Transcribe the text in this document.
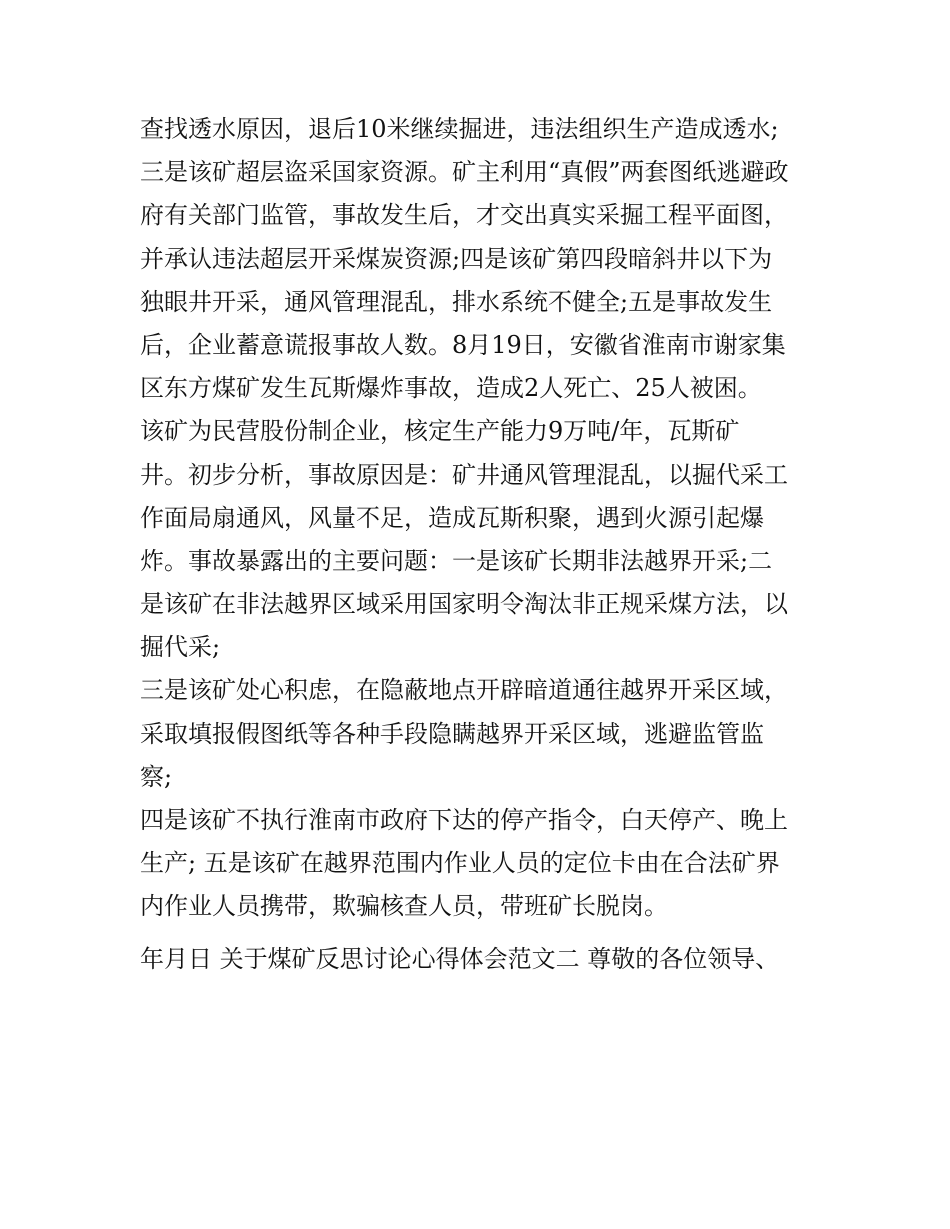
查找透水原因，退后10米继续掘进，违法组织生产造成透水;
三是该矿超层盗采国家资源。矿主利用“真假”两套图纸逃避政
府有关部门监管，事故发生后，才交出真实采掘工程平面图，
并承认违法超层开采煤炭资源;四是该矿第四段暗斜井以下为
独眼井开采，通风管理混乱，排水系统不健全;五是事故发生
后，企业蓄意谎报事故人数。8月19日，安徽省淮南市谢家集
区东方煤矿发生瓦斯爆炸事故，造成2人死亡、25人被困。
该矿为民营股份制企业，核定生产能力9万吨/年，瓦斯矿
井。初步分析，事故原因是：矿井通风管理混乱，以掘代采工
作面局扇通风，风量不足，造成瓦斯积聚，遇到火源引起爆
炸。事故暴露出的主要问题：一是该矿长期非法越界开采;二
是该矿在非法越界区域采用国家明令淘汰非正规采煤方法，以
掘代采;
三是该矿处心积虑，在隐蔽地点开辟暗道通往越界开采区域，
采取填报假图纸等各种手段隐瞒越界开采区域，逃避监管监
察;
四是该矿不执行淮南市政府下达的停产指令，白天停产、晚上
生产; 五是该矿在越界范围内作业人员的定位卡由在合法矿界
内作业人员携带，欺骗核查人员，带班矿长脱岗。
年月日 关于煤矿反思讨论心得体会范文二 尊敬的各位领导、
